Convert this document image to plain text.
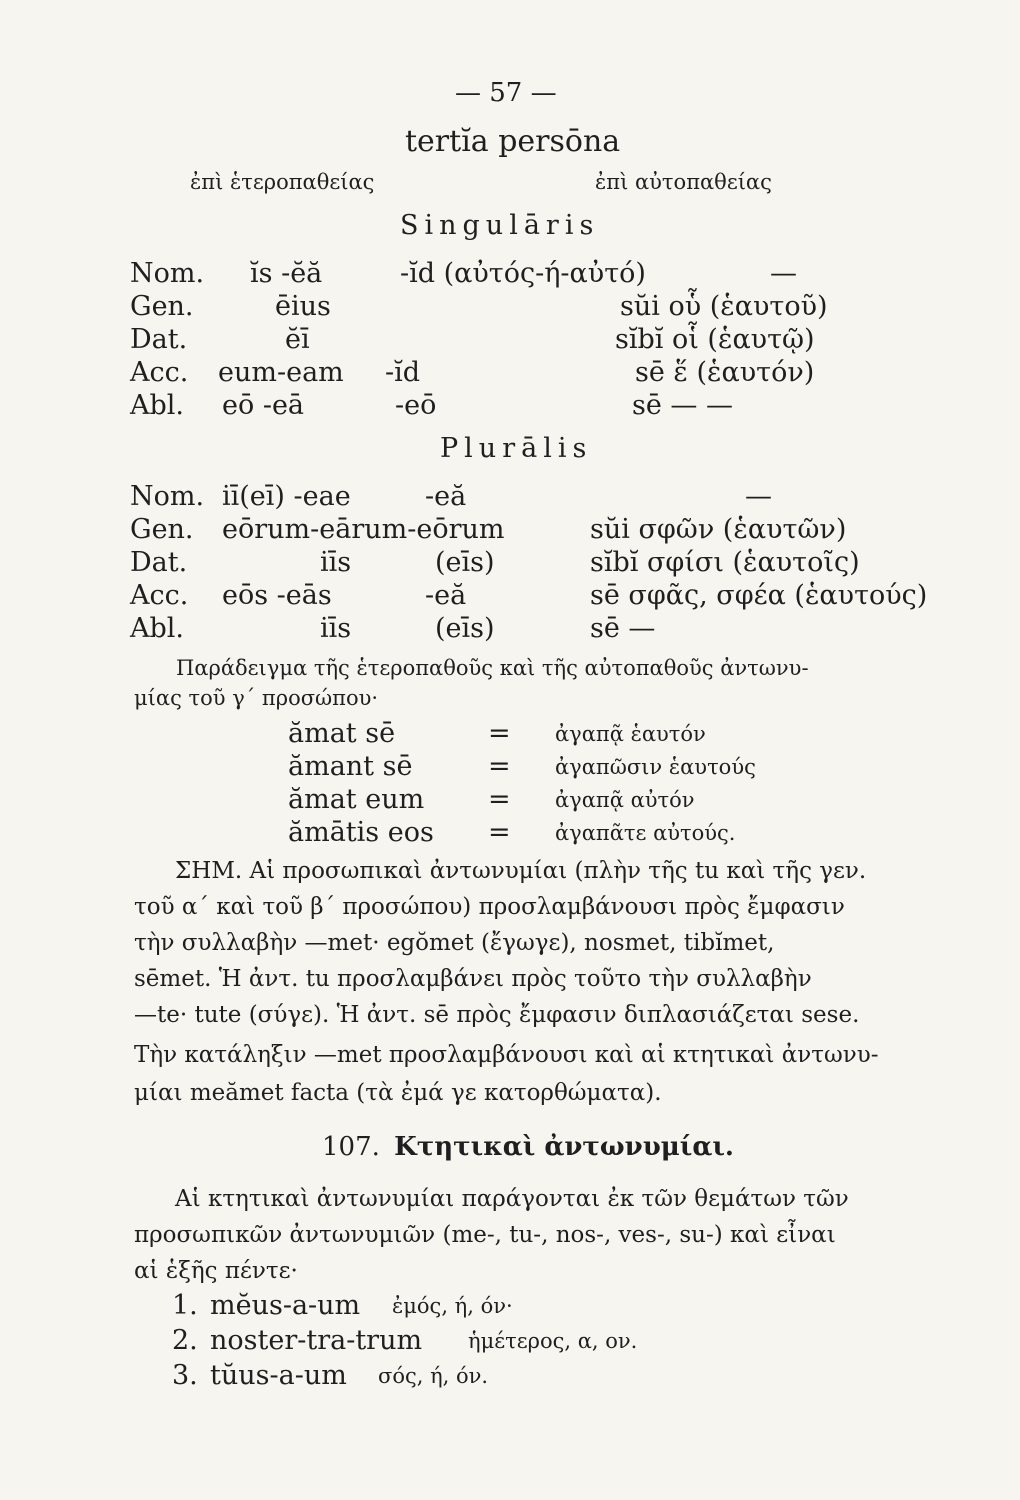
— 57 —
tertĭa persōna
ἐπὶ ἑτεροπαθείας	ἐπὶ αὐτοπαθείας
Singulāris
Nom. ĭs -ĕă	-ĭd (αὐτός-ή-αὐτό)	—
Gen.	ēius	sŭi οὗ (ἑαυτοῦ)
Dat.	ĕī	sĭbĭ οἷ (ἑαυτῷ)
Acc. eum-eam -ĭd	sē ἕ (ἑαυτόν)
Abl. eō -eā	-eō	sē — —
Plurālis
Nom. iī(eī) -eae	-eă	—
Gen. eōrum-eārum-eōrum	sŭi σφῶν (ἑαυτῶν)
Dat.	iīs	(eīs)	sĭbĭ σφίσι (ἑαυτοῖς)
Acc. eōs -eās	-eă	sē σφᾶς, σφέα (ἑαυτούς)
Abl.	iīs	(eīs)	sē —
Παράδειγμα τῆς ἑτεροπαθοῦς καὶ τῆς αὐτοπαθοῦς ἀντωνυ-
μίας τοῦ γ΄ προσώπου·
ămat sē	= ἀγαπᾷ ἑαυτόν
ămant sē	= ἀγαπῶσιν ἑαυτούς
ămat eum = ἀγαπᾷ αὐτόν
ămātis eos = ἀγαπᾶτε αὐτούς.
ΣΗΜ. Αἱ προσωπικαὶ ἀντωνυμίαι (πλὴν τῆς tu καὶ τῆς γεν.
τοῦ α΄ καὶ τοῦ β΄ προσώπου) προσλαμβάνουσι πρὸς ἔμφασιν
τὴν συλλαβὴν —met· egŏmet (ἔγωγε), nosmet, tibĭmet,
sēmet. Ἡ ἀντ. tu προσλαμβάνει πρὸς τοῦτο τὴν συλλαβὴν
—te· tute (σύγε). Ἡ ἀντ. sē πρὸς ἔμφασιν διπλασιάζεται sese.
Τὴν κατάληξιν —met προσλαμβάνουσι καὶ αἱ κτητικαὶ ἀντωνυ-
μίαι meămet facta (τὰ ἐμά γε κατορθώματα).
107. Κτητικαὶ ἀντωνυμίαι.
Αἱ κτητικαὶ ἀντωνυμίαι παράγονται ἐκ τῶν θεμάτων τῶν
προσωπικῶν ἀντωνυμιῶν (me-, tu-, nos-, ves-, su-) καὶ εἶναι
αἱ ἑξῆς πέντε·
1. mĕus-a-um ἐμός, ή, όν·
2. noster-tra-trum ἡμέτερος, α, ον.
3. tŭus-a-um σός, ή, όν.
